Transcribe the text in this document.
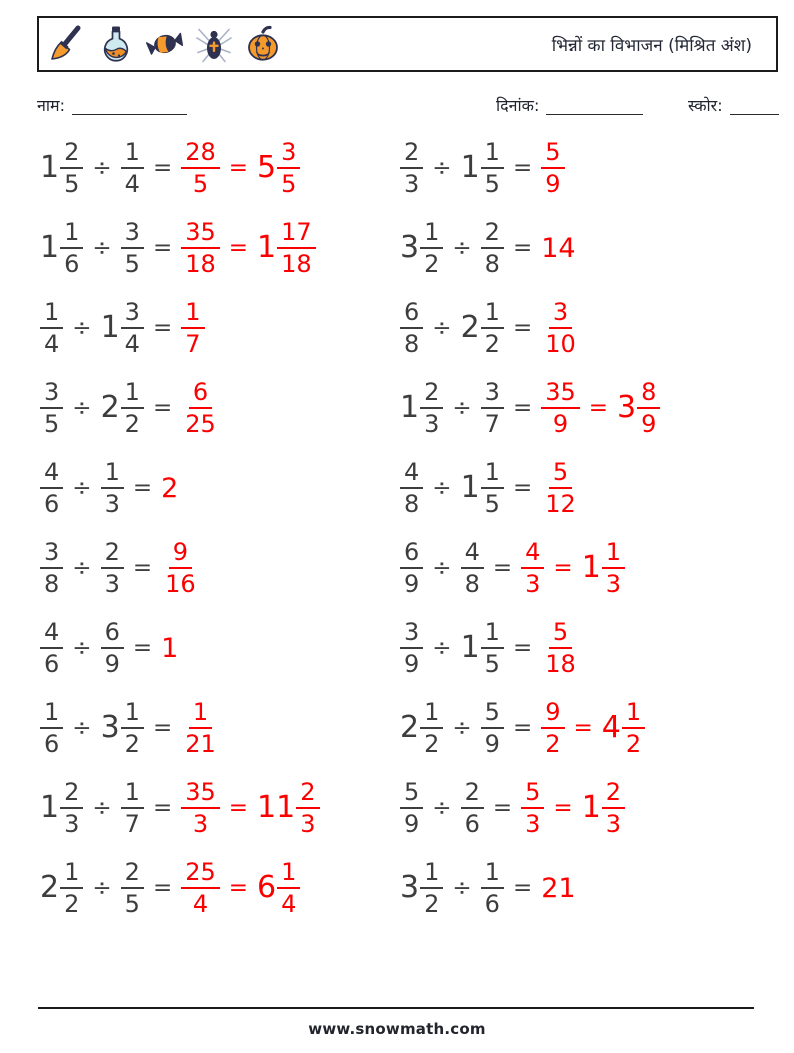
भिन्नों का विभाजन (मिश्रित अंश)
नाम:	दिनांक:	स्कोर:
$1 \frac{2}{5} \div \frac{1}{4} = \frac{28}{5} = 5 \frac{3}{5}$	$\frac{2}{3} \div 1 \frac{1}{5} = \frac{5}{9}$
$1 \frac{1}{6} \div \frac{3}{5} = \frac{35}{18} = 1 \frac{17}{18}$	$3 \frac{1}{2} \div \frac{2}{8} = 14$
$\frac{1}{4} \div 1 \frac{3}{4} = \frac{1}{7}$	$\frac{6}{8} \div 2 \frac{1}{2} = \frac{3}{10}$
$\frac{3}{5} \div 2 \frac{1}{2} = \frac{6}{25}$	$1 \frac{2}{3} \div \frac{3}{7} = \frac{35}{9} = 3 \frac{8}{9}$
$\frac{4}{6} \div \frac{1}{3} = 2$	$\frac{4}{8} \div 1 \frac{1}{5} = \frac{5}{12}$
$\frac{3}{8} \div \frac{2}{3} = \frac{9}{16}$	$\frac{6}{9} \div \frac{4}{8} = \frac{4}{3} = 1 \frac{1}{3}$
$\frac{4}{6} \div \frac{6}{9} = 1$	$\frac{3}{9} \div 1 \frac{1}{5} = \frac{5}{18}$
$\frac{1}{6} \div 3 \frac{1}{2} = \frac{1}{21}$	$2 \frac{1}{2} \div \frac{5}{9} = \frac{9}{2} = 4 \frac{1}{2}$
$1 \frac{2}{3} \div \frac{1}{7} = \frac{35}{3} = 11 \frac{2}{3}$	$\frac{5}{9} \div \frac{2}{6} = \frac{5}{3} = 1 \frac{2}{3}$
$2 \frac{1}{2} \div \frac{2}{5} = \frac{25}{4} = 6 \frac{1}{4}$	$3 \frac{1}{2} \div \frac{1}{6} = 21$
www.snowmath.com
